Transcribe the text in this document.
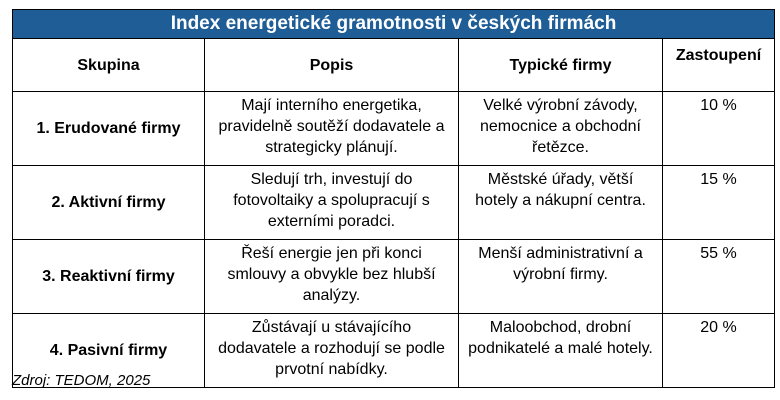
Index energetické gramotnosti v českých firmách			
Skupina	Popis	Typické firmy	Zastoupení
1. Erudované firmy	Mají interního energetika, pravidelně soutěží dodavatele a strategicky plánují.	Velké výrobní závody, nemocnice a obchodní řetězce.	10 %
2. Aktivní firmy	Sledují trh, investují do fotovoltaiky a spolupracují s externími poradci.	Městské úřady, větší hotely a nákupní centra.	15 %
3. Reaktivní firmy	Řeší energie jen při konci smlouvy a obvykle bez hlubší analýzy.	Menší administrativní a výrobní firmy.	55 %
4. Pasivní firmy	Zůstávají u stávajícího dodavatele a rozhodují se podle prvotní nabídky.	Maloobchod, drobní podnikatelé a malé hotely.	20 %
Zdroj: TEDOM, 2025
